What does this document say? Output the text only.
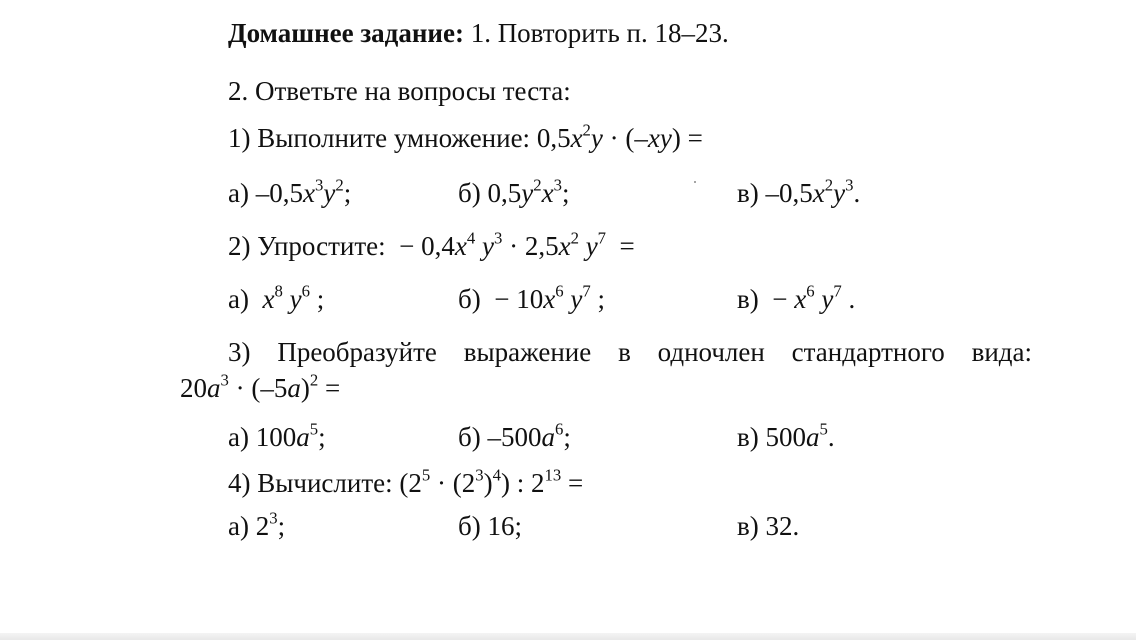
Домашнее задание: 1. Повторить п. 18–23.
2. Ответьте на вопросы теста:
1) Выполните умножение: $0,5x^2y \cdot (-xy)$ =
а) $-0,5x^3y^2$;	б) $0,5y^2x^3$;	в) $-0,5x^2y^3$.
2) Упростите: − $0,4x^4$ $y^3 \cdot 2,5x^2$ $y^7$  =
а) $x^8$ $y^6$ ;	$б) - 10x^6$ $y^7$ ;	$в) - x^6$ $y^7$ .
3) Преобразуйте выражение в одночлен стандартного вида:
$20a^3 \cdot (-5a)^2$ =
а) $100a^5$;	б) $-500a^6$;	в) $500a^5$.
4) Вычислите: $(2^5 \cdot (2^3)^4)$ : $2^{13}$ =
а) $2^3$;	б) 16;	в) 32.
